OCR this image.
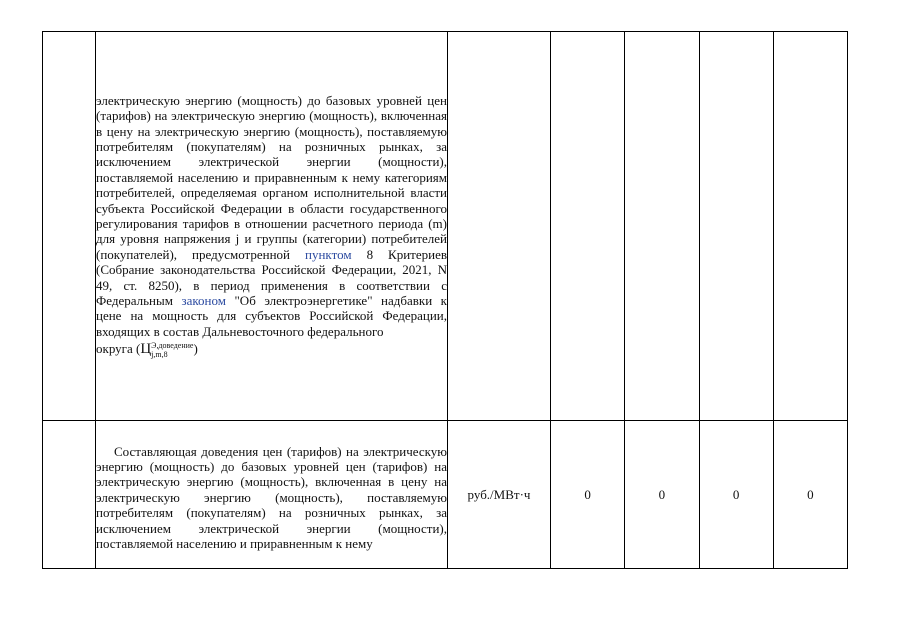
	электрическую энергию (мощность) до базовых уровней цен (тарифов) на электрическую энергию (мощность), включенная в цену на электрическую энергию (мощность), поставляемую потребителям (покупателям) на розничных рынках, за исключением электрической энергии (мощности), поставляемой населению и приравненным к нему категориям потребителей, определяемая органом исполнительной власти субъекта Российской Федерации в области государственного регулирования тарифов в отношении расчетного периода (m) для уровня напряжения j и группы (категории) потребителей (покупателей), предусмотренной пунктом 8 Критериев (Собрание законодательства Российской Федерации, 2021, N 49, ст. 8250), в период применения в соответствии с Федеральным законом "Об электроэнергетике" надбавки к цене на мощность для субъектов Российской Федерации, входящих в состав Дальневосточного федерального
округа (Ц Э,доведение
j,m,8 )					

	Составляющая доведения цен (тарифов) на электрическую энергию (мощность) до базовых уровней цен (тарифов) на электрическую энергию (мощность), включенная в цену на электрическую энергию (мощность), поставляемую потребителям (покупателям) на розничных рынках, за исключением электрической энергии (мощности), поставляемой населению и приравненным к нему	руб./МВт·ч	0	0	0	0
